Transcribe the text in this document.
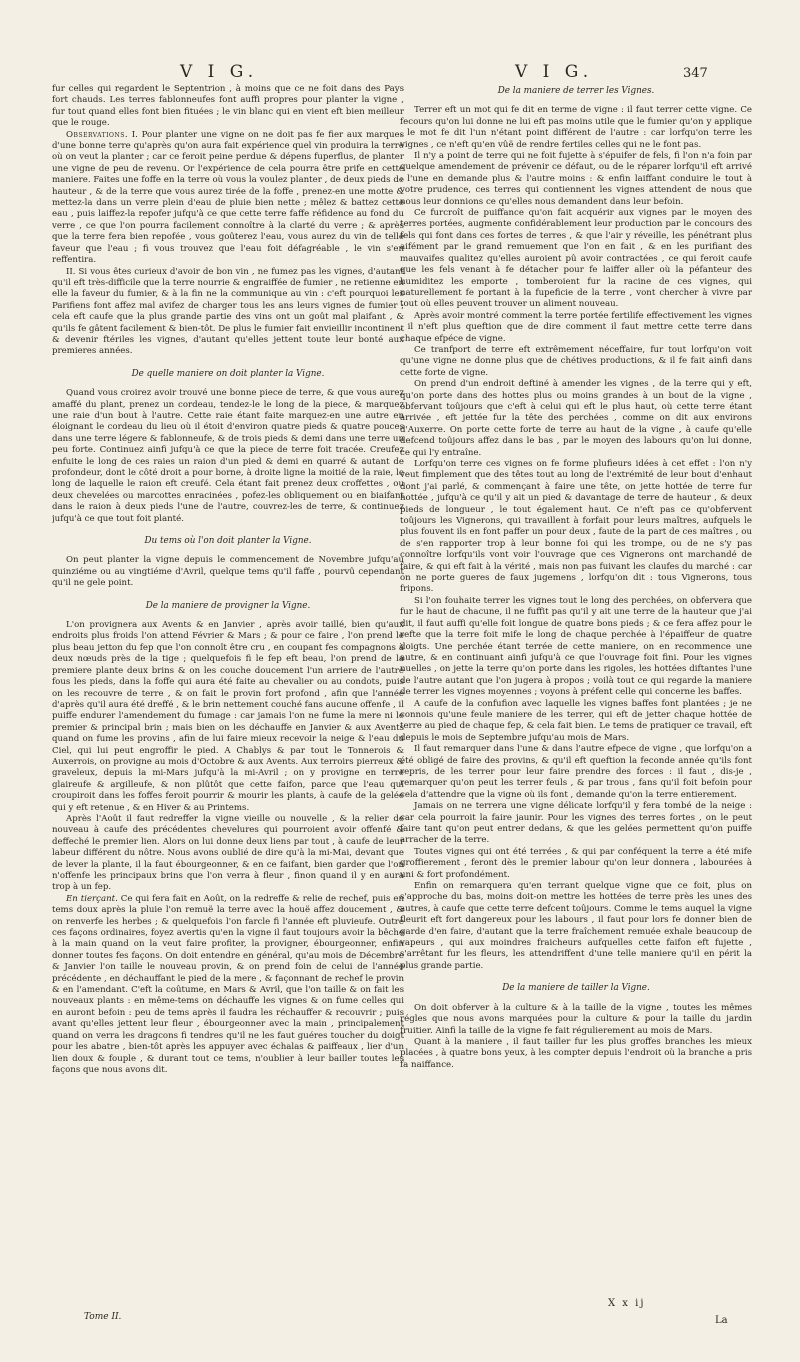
V I G.	V I G.	347

fur celles qui regardent le Septentrion , à moins que ce ne foit dans des Pays fort chauds. Les terres fablonneufes font auffi propres pour planter la vigne , fur tout quand elles font bien fituées ; le vin blanc qui en vient eft bien meilleur que le rouge.

Observations. I. Pour planter une vigne on ne doit pas fe fier aux marques d'une bonne terre qu'après qu'on aura fait expérience quel vin produira la terre où on veut la planter ; car ce feroit peine perdue & dépens fuperflus, de planter une vigne de peu de revenu. Or l'expérience de cela pourra être prife en cette maniere. Faites une foffe en la terre où vous la voulez planter , de deux pieds de hauteur , & de la terre que vous aurez tirée de la foffe , prenez-en une motte & mettez-la dans un verre plein d'eau de pluie bien nette ; mêlez & battez cette eau , puis laiffez-la repofer jufqu'à ce que cette terre faffe réfidence au fond du verre , ce que l'on pourra facilement connoître à la clarté du verre ; & après que la terre fera bien repofée , vous goûterez l'eau, vous aurez du vin de telle faveur que l'eau ; fi vous trouvez que l'eau foit défagréable , le vin s'en reffentira.

II. Si vous êtes curieux d'avoir de bon vin , ne fumez pas les vignes, d'autant qu'il eft très-difficile que la terre nourrie & engraiffée de fumier , ne retienne en elle la faveur du fumier, & à la fin ne la communique au vin : c'eft pourquoi les Parifiens font affez mal avifez de charger tous les ans leurs vignes de fumier ; cela eft caufe que la plus grande partie des vins ont un goût mal plaifant , & qu'ils fe gâtent facilement & bien-tôt. De plus le fumier fait envieillir incontinent & devenir ftériles les vignes, d'autant qu'elles jettent toute leur bonté aux premieres années.

De quelle maniere on doit planter la Vigne.

Quand vous croirez avoir trouvé une bonne piece de terre, & que vous aurez amaffé du plant, prenez un cordeau, tendez-le le long de la piece, & marquez une raie d'un bout à l'autre. Cette raie étant faite marquez-en une autre en éloignant le cordeau du lieu où il étoit d'environ quatre pieds & quatre pouces dans une terre légere & fablonneufe, & de trois pieds & demi dans une terre un peu forte. Continuez ainfi jufqu'à ce que la piece de terre foit tracée. Creufez enfuite le long de ces raies un raion d'un pied & demi en quarré & autant de profondeur, dont le côté droit a pour borne, à droite ligne la moitié de la raie, le long de laquelle le raion eft creufé. Cela étant fait prenez deux croffettes , ou deux chevelées ou marcottes enracinées , pofez-les obliquement ou en biaifant dans le raion à deux pieds l'une de l'autre, couvrez-les de terre, & continuez jufqu'à ce que tout foit planté.

Du tems où l'on doit planter la Vigne.

On peut planter la vigne depuis le commencement de Novembre jufqu'au quinziéme ou au vingtiéme d'Avril, quelque tems qu'il faffe , pourvû cependant qu'il ne gele point.

De la maniere de provigner la Vigne.

L'on provignera aux Avents & en Janvier , après avoir taillé, bien qu'aux endroits plus froids l'on attend Février & Mars ; & pour ce faire , l'on prend le plus beau jetton du fep que l'on connoît être cru , en coupant fes compagnons à deux nœuds près de la tige ; quelquefois fi le fep eft beau, l'on prend de la premiere plante deux brins & on les couche doucement l'un arriere de l'autre fous les pieds, dans la foffe qui aura été faite au chevalier ou au condots, puis on les recouvre de terre , & on fait le provin fort profond , afin que l'année d'après qu'il aura été dreffé , & le brin nettement couché fans aucune offenfe , il puiffe endurer l'amendement du fumage : car jamais l'on ne fume la mere ni le premier & principal brin ; mais bien on les déchauffe en Janvier & aux Avents quand on fume les provins , afin de lui faire mieux recevoir la neige & l'eau du Ciel, qui lui peut engroffir le pied. A Chablys & par tout le Tonnerois & Auxerrois, on provigne au mois d'Octobre & aux Avents. Aux terroirs pierreux & graveleux, depuis la mi-Mars jufqu'à la mi-Avril ; on y provigne en terre glaireufe & argilleufe, & non plûtôt que cette faifon, parce que l'eau qui croupiroit dans les foffes feroit pourrir & mourir les plants, à caufe de la gelée qui y eft retenue , & en Hiver & au Printems.

Après l'Août il faut redreffer la vigne vieille ou nouvelle , & la relier de nouveau à caufe des précédentes chevelures qui pourroient avoir offenfé & deffeché le premier lien. Alors on lui donne deux liens par tout , à caufe de leur labeur différent du nôtre. Nous avons oublié de dire qu'à la mi-Mai, devant que de lever la plante, il la faut ébourgeonner, & en ce faifant, bien garder que l'on n'offenfe les principaux brins que l'on verra à fleur , finon quand il y en aura trop à un fep.

En tierçant. Ce qui fera fait en Août, on la redreffe & relie de rechef, puis en tems doux après la pluie l'on remuë la terre avec la houë affez doucement , & on renverfe les herbes ; & quelquefois l'on farcle fi l'année eft pluvieufe. Outre ces façons ordinaires, foyez avertis qu'en la vigne il faut toujours avoir la bêche à la main quand on la veut faire profiter, la provigner, ébourgeonner, enfin donner toutes fes façons. On doit entendre en général, qu'au mois de Décembre & Janvier l'on taille le nouveau provin, & on prend foin de celui de l'année précédente , en déchauffant le pied de la mere , & façonnant de rechef le provin & en l'amendant. C'eft la coûtume, en Mars & Avril, que l'on taille & on fait les nouveaux plants : en même-tems on déchauffe les vignes & on fume celles qui en auront befoin : peu de tems après il faudra les réchauffer & recouvrir ; puis avant qu'elles jettent leur fleur , ébourgeonner avec la main , principalement quand on verra les dragcons fi tendres qu'il ne les faut guéres toucher du doigt pour les abatre , bien-tôt après les appuyer avec échalas & paiffeaux , lier d'un lien doux & fouple , & durant tout ce tems, n'oublier à leur bailler toutes les façons que nous avons dit.

De la maniere de terrer les Vignes.

Terrer eft un mot qui fe dit en terme de vigne : il faut terrer cette vigne. Ce fecours qu'on lui donne ne lui eft pas moins utile que le fumier qu'on y applique , le mot fe dit l'un n'étant point différent de l'autre : car lorfqu'on terre les vignes , ce n'eft qu'en vûë de rendre fertiles celles qui ne le font pas.

Il n'y a point de terre qui ne foit fujette à s'épuifer de fels, fi l'on n'a foin par quelque amendement de prévenir ce défaut, ou de le réparer lorfqu'il eft arrivé : l'une en demande plus & l'autre moins : & enfin laiffant conduire le tout à votre prudence, ces terres qui contiennent les vignes attendent de nous que nous leur donnions ce qu'elles nous demandent dans leur befoin.

Ce furcroît de puiffance qu'on fait acquérir aux vignes par le moyen des terres portées, augmente confidérablement leur production par le concours des fels qui font dans ces fortes de terres , & que l'air y réveille, les pénétrant plus aifément par le grand remuement que l'on en fait , & en les purifiant des mauvaifes qualitez qu'elles auroient pû avoir contractées , ce qui feroit caufe que les fels venant à fe détacher pour fe laiffer aller où la péfanteur des humiditez les emporte , tomberoient fur la racine de ces vignes, qui naturellement fe portant à la fupeficie de la terre , vont chercher à vivre par tout où elles peuvent trouver un aliment nouveau.

Après avoir montré comment la terre portée fertilife effectivement les vignes , il n'eft plus queftion que de dire comment il faut mettre cette terre dans chaque efpéce de vigne.

Ce tranfport de terre eft extrêmement néceffaire, fur tout lorfqu'on voit qu'une vigne ne donne plus que de chétives productions, & il fe fait ainfi dans cette forte de vigne.

On prend d'un endroit deftiné à amender les vignes , de la terre qui y eft, qu'on porte dans des hottes plus ou moins grandes à un bout de la vigne , obfervant toûjours que c'eft à celui qui eft le plus haut, où cette terre étant arrivée , eft jettée fur la tête des perchées , comme on dit aux environs d'Auxerre. On porte cette forte de terre au haut de la vigne , à caufe qu'elle defcend toûjours affez dans le bas , par le moyen des labours qu'on lui donne, ce qui l'y entraîne.

Lorfqu'on terre ces vignes on fe forme plufieurs idées à cet effet : l'on n'y veut fimplement que des têtes tout au long de l'extrémité de leur bout d'enhaut dont j'ai parlé, & commençant à faire une tête, on jette hottée de terre fur hottée , jufqu'à ce qu'il y ait un pied & davantage de terre de hauteur , & deux pieds de longueur , le tout également haut. Ce n'eft pas ce qu'obfervent toûjours les Vignerons, qui travaillent à forfait pour leurs maîtres, aufquels le plus fouvent ils en font paffer un pour deux , faute de la part de ces maîtres , ou de s'en rapporter trop à leur bonne foi qui les trompe, ou de ne s'y pas connoître lorfqu'ils vont voir l'ouvrage que ces Vignerons ont marchandé de faire, & qui eft fait à la vérité , mais non pas fuivant les claufes du marché : car on ne porte gueres de faux jugemens , lorfqu'on dit : tous Vignerons, tous fripons.

Si l'on fouhaite terrer les vignes tout le long des perchées, on obfervera que fur le haut de chacune, il ne fuffit pas qu'il y ait une terre de la hauteur que j'ai dit, il faut auffi qu'elle foit longue de quatre bons pieds ; & ce fera affez pour le refte que la terre foit mife le long de chaque perchée à l'épaiffeur de quatre doigts. Une perchée étant terrée de cette maniere, on en recommence une autre, & en continuant ainfi jufqu'à ce que l'ouvrage foit fini. Pour les vignes nuelles , on jette la terre qu'on porte dans les rigoles, les hottées diftantes l'une de l'autre autant que l'on jugera à propos ; voilà tout ce qui regarde la maniere de terrer les vignes moyennes ; voyons à préfent celle qui concerne les baffes.

A caufe de la confufion avec laquelle les vignes baffes font plantées ; je ne connois qu'une feule maniere de les terrer, qui eft de jetter chaque hottée de terre au pied de chaque fep, & cela fait bien. Le tems de pratiquer ce travail, eft depuis le mois de Septembre jufqu'au mois de Mars.

Il faut remarquer dans l'une & dans l'autre efpece de vigne , que lorfqu'on a été obligé de faire des provins, & qu'il eft queftion la feconde année qu'ils font repris, de les terrer pour leur faire prendre des forces : il faut , dis-je , remarquer qu'on peut les terrer feuls , & par trous , fans qu'il foit befoin pour cela d'attendre que la vigne où ils font , demande qu'on la terre entierement.

Jamais on ne terrera une vigne délicate lorfqu'il y fera tombé de la neige : car cela pourroit la faire jaunir. Pour les vignes des terres fortes , on le peut faire tant qu'on peut entrer dedans, & que les gelées permettent qu'on puiffe arracher de la terre.

Toutes vignes qui ont été terrées , & qui par conféquent la terre a été mife groffierement , feront dès le premier labour qu'on leur donnera , labourées à uni & fort profondément.

Enfin on remarquera qu'en terrant quelque vigne que ce foit, plus on s'approche du bas, moins doit-on mettre les hottées de terre près les unes des autres, à caufe que cette terre defcent toûjours. Comme le tems auquel la vigne fleurit eft fort dangereux pour les labours , il faut pour lors fe donner bien de garde d'en faire, d'autant que la terre fraîchement remuée exhale beaucoup de vapeurs , qui aux moindres fraicheurs aufquelles cette faifon eft fujette , s'arrêtant fur les fleurs, les attendriffent d'une telle maniere qu'il en périt la plus grande partie.

De la maniere de tailler la Vigne.

On doit obferver à la culture & à la taille de la vigne , toutes les mêmes régles que nous avons marquées pour la culture & pour la taille du jardin fruitier. Ainfi la taille de la vigne fe fait régulierement au mois de Mars.

Quant à la maniere , il faut tailler fur les plus groffes branches les mieux placées , à quatre bons yeux, à les compter depuis l'endroit où la branche a pris fa naiffance.

Tome II.
X x ij
La
